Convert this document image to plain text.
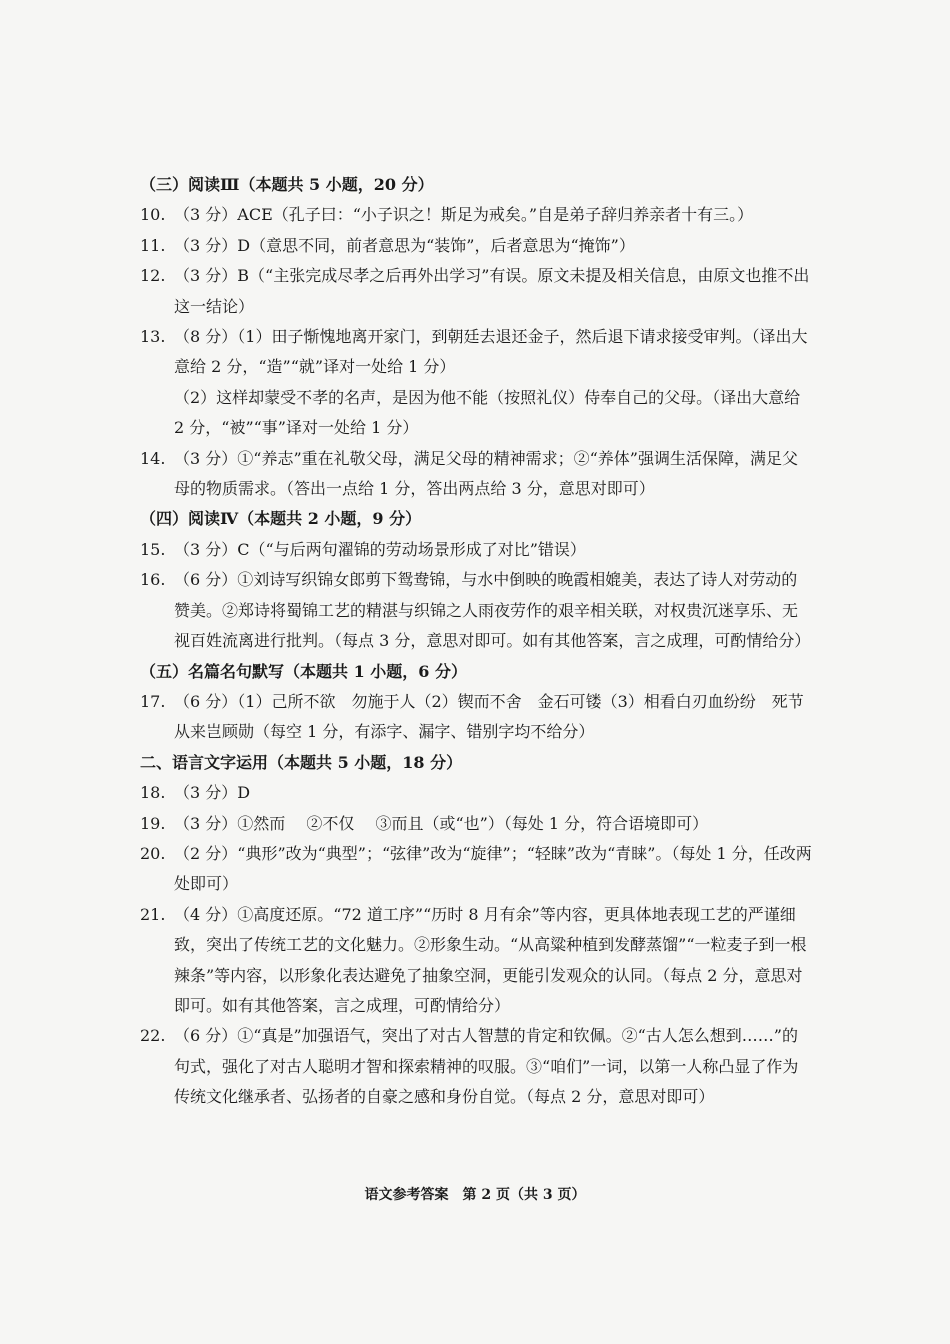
（三）阅读Ⅲ（本题共 5 小题，20 分）
10. （3 分）ACE（孔子曰：“小子识之！斯足为戒矣。”自是弟子辞归养亲者十有三。）

11. （3 分）D（意思不同，前者意思为“装饰”，后者意思为“掩饰”）

12. （3 分）B（“主张完成尽孝之后再外出学习”有误。原文未提及相关信息，由原文也推不出这一结论）

13. （8 分）（1）田子惭愧地离开家门，到朝廷去退还金子，然后退下请求接受审判。（译出大意给 2 分，“造”“就”译对一处给 1 分）

（2）这样却蒙受不孝的名声，是因为他不能（按照礼仪）侍奉自己的父母。（译出大意给 2 分，“被”“事”译对一处给 1 分）

14. （3 分）①“养志”重在礼敬父母，满足父母的精神需求；②“养体”强调生活保障，满足父母的物质需求。（答出一点给 1 分，答出两点给 3 分，意思对即可）

（四）阅读Ⅳ（本题共 2 小题，9 分）
15. （3 分）C（“与后两句濯锦的劳动场景形成了对比”错误）

16. （6 分）①刘诗写织锦女郎剪下鸳鸯锦，与水中倒映的晚霞相媲美，表达了诗人对劳动的赞美。②郑诗将蜀锦工艺的精湛与织锦之人雨夜劳作的艰辛相关联，对权贵沉迷享乐、无视百姓流离进行批判。（每点 3 分，意思对即可。如有其他答案，言之成理，可酌情给分）

（五）名篇名句默写（本题共 1 小题，6 分）
17. （6 分）（1）己所不欲　勿施于人（2）锲而不舍　金石可镂（3）相看白刃血纷纷　死节从来岂顾勋（每空 1 分，有添字、漏字、错别字均不给分）

二、语言文字运用（本题共 5 小题，18 分）
18. （3 分）D

19. （3 分）①然而　 ②不仅　 ③而且（或“也”）（每处 1 分，符合语境即可）

20. （2 分）“典形”改为“典型”；“弦律”改为“旋律”；“轻睐”改为“青睐”。（每处 1 分，任改两处即可）

21. （4 分）①高度还原。“72 道工序”“历时 8 月有余”等内容，更具体地表现工艺的严谨细致，突出了传统工艺的文化魅力。②形象生动。“从高粱种植到发酵蒸馏”“一粒麦子到一根辣条”等内容，以形象化表达避免了抽象空洞，更能引发观众的认同。（每点 2 分，意思对即可。如有其他答案，言之成理，可酌情给分）

22. （6 分）①“真是”加强语气，突出了对古人智慧的肯定和钦佩。②“古人怎么想到……”的句式，强化了对古人聪明才智和探索精神的叹服。③“咱们”一词，以第一人称凸显了作为传统文化继承者、弘扬者的自豪之感和身份自觉。（每点 2 分，意思对即可）

语文参考答案　第 2 页（共 3 页）
